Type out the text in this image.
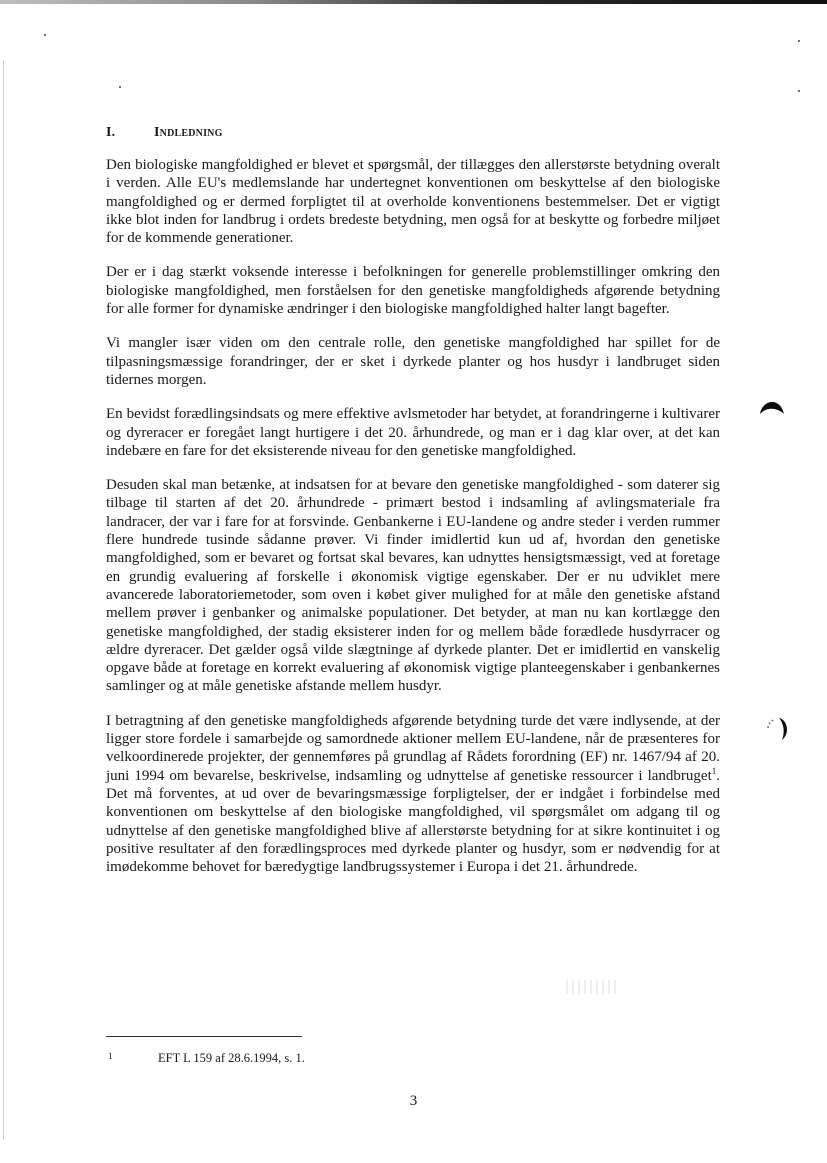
I.	Indledning

Den biologiske mangfoldighed er blevet et spørgsmål, der tillægges den allerstørste betydning overalt i verden. Alle EU's medlemslande har undertegnet konventionen om beskyttelse af den biologiske mangfoldighed og er dermed forpligtet til at overholde konventionens bestemmelser. Det er vigtigt ikke blot inden for landbrug i ordets bredeste betydning, men også for at beskytte og forbedre miljøet for de kommende generationer.

Der er i dag stærkt voksende interesse i befolkningen for generelle problemstillinger omkring den biologiske mangfoldighed, men forståelsen for den genetiske mangfoldigheds afgørende betydning for alle former for dynamiske ændringer i den biologiske mangfoldighed halter langt bagefter.

Vi mangler især viden om den centrale rolle, den genetiske mangfoldighed har spillet for de tilpasningsmæssige forandringer, der er sket i dyrkede planter og hos husdyr i landbruget siden tidernes morgen.

En bevidst forædlingsindsats og mere effektive avlsmetoder har betydet, at forandringerne i kultivarer og dyreracer er foregået langt hurtigere i det 20. århundrede, og man er i dag klar over, at det kan indebære en fare for det eksisterende niveau for den genetiske mangfoldighed.

Desuden skal man betænke, at indsatsen for at bevare den genetiske mangfoldighed - som daterer sig tilbage til starten af det 20. århundrede - primært bestod i indsamling af avlingsmateriale fra landracer, der var i fare for at forsvinde. Genbankerne i EU-landene og andre steder i verden rummer flere hundrede tusinde sådanne prøver. Vi finder imidlertid kun ud af, hvordan den genetiske mangfoldighed, som er bevaret og fortsat skal bevares, kan udnyttes hensigtsmæssigt, ved at foretage en grundig evaluering af forskelle i økonomisk vigtige egenskaber. Der er nu udviklet mere avancerede laboratoriemetoder, som oven i købet giver mulighed for at måle den genetiske afstand mellem prøver i genbanker og animalske populationer. Det betyder, at man nu kan kortlægge den genetiske mangfoldighed, der stadig eksisterer inden for og mellem både forædlede husdyrracer og ældre dyreracer. Det gælder også vilde slægtninge af dyrkede planter. Det er imidlertid en vanskelig opgave både at foretage en korrekt evaluering af økonomisk vigtige planteegenskaber i genbankernes samlinger og at måle genetiske afstande mellem husdyr.

I betragtning af den genetiske mangfoldigheds afgørende betydning turde det være indlysende, at der ligger store fordele i samarbejde og samordnede aktioner mellem EU-landene, når de præsenteres for velkoordinerede projekter, der gennemføres på grundlag af Rådets forordning (EF) nr. 1467/94 af 20. juni 1994 om bevarelse, beskrivelse, indsamling og udnyttelse af genetiske ressourcer i landbruget$^1$. Det må forventes, at ud over de bevaringsmæssige forpligtelser, der er indgået i forbindelse med konventionen om beskyttelse af den biologiske mangfoldighed, vil spørgsmålet om adgang til og udnyttelse af den genetiske mangfoldighed blive af allerstørste betydning for at sikre kontinuitet i og positive resultater af den forædlingsproces med dyrkede planter og husdyr, som er nødvendig for at imødekomme behovet for bæredygtige landbrugssystemer i Europa i det 21. århundrede.

1	EFT L 159 af 28.6.1994, s. 1.
3
